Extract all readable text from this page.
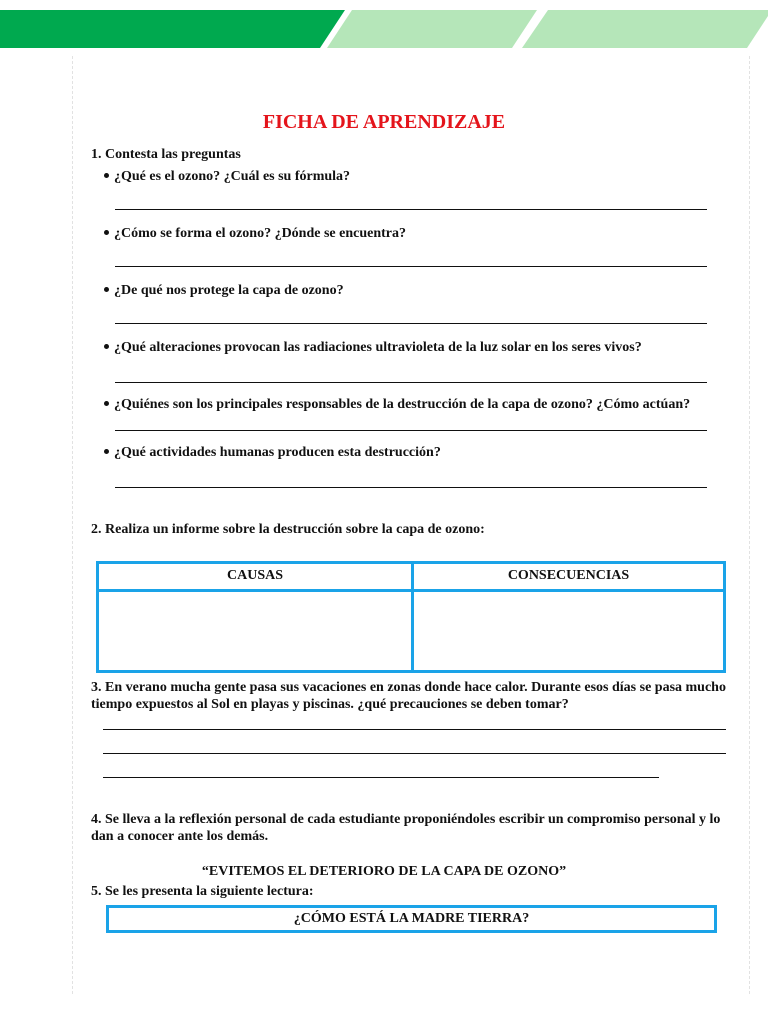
FICHA DE APRENDIZAJE
1. Contesta las preguntas
¿Qué es el ozono? ¿Cuál es su fórmula?
¿Cómo se forma el ozono? ¿Dónde se encuentra?
¿De qué nos protege la capa de ozono?
¿Qué alteraciones provocan las radiaciones ultravioleta de la luz solar en los seres vivos?
¿Quiénes son los principales responsables de la destrucción de la capa de ozono? ¿Cómo actúan?
¿Qué actividades humanas producen esta destrucción?
2. Realiza un informe sobre la destrucción sobre la capa de ozono:
CAUSAS	CONSECUENCIAS
3. En verano mucha gente pasa sus vacaciones en zonas donde hace calor. Durante esos días se pasa mucho tiempo expuestos al Sol en playas y piscinas. ¿qué precauciones se deben tomar?
4. Se lleva a la reflexión personal de cada estudiante proponiéndoles escribir un compromiso personal y lo dan a conocer ante los demás.
“EVITEMOS EL DETERIORO DE LA CAPA DE OZONO”
5. Se les presenta la siguiente lectura:
¿CÓMO ESTÁ LA MADRE TIERRA?
